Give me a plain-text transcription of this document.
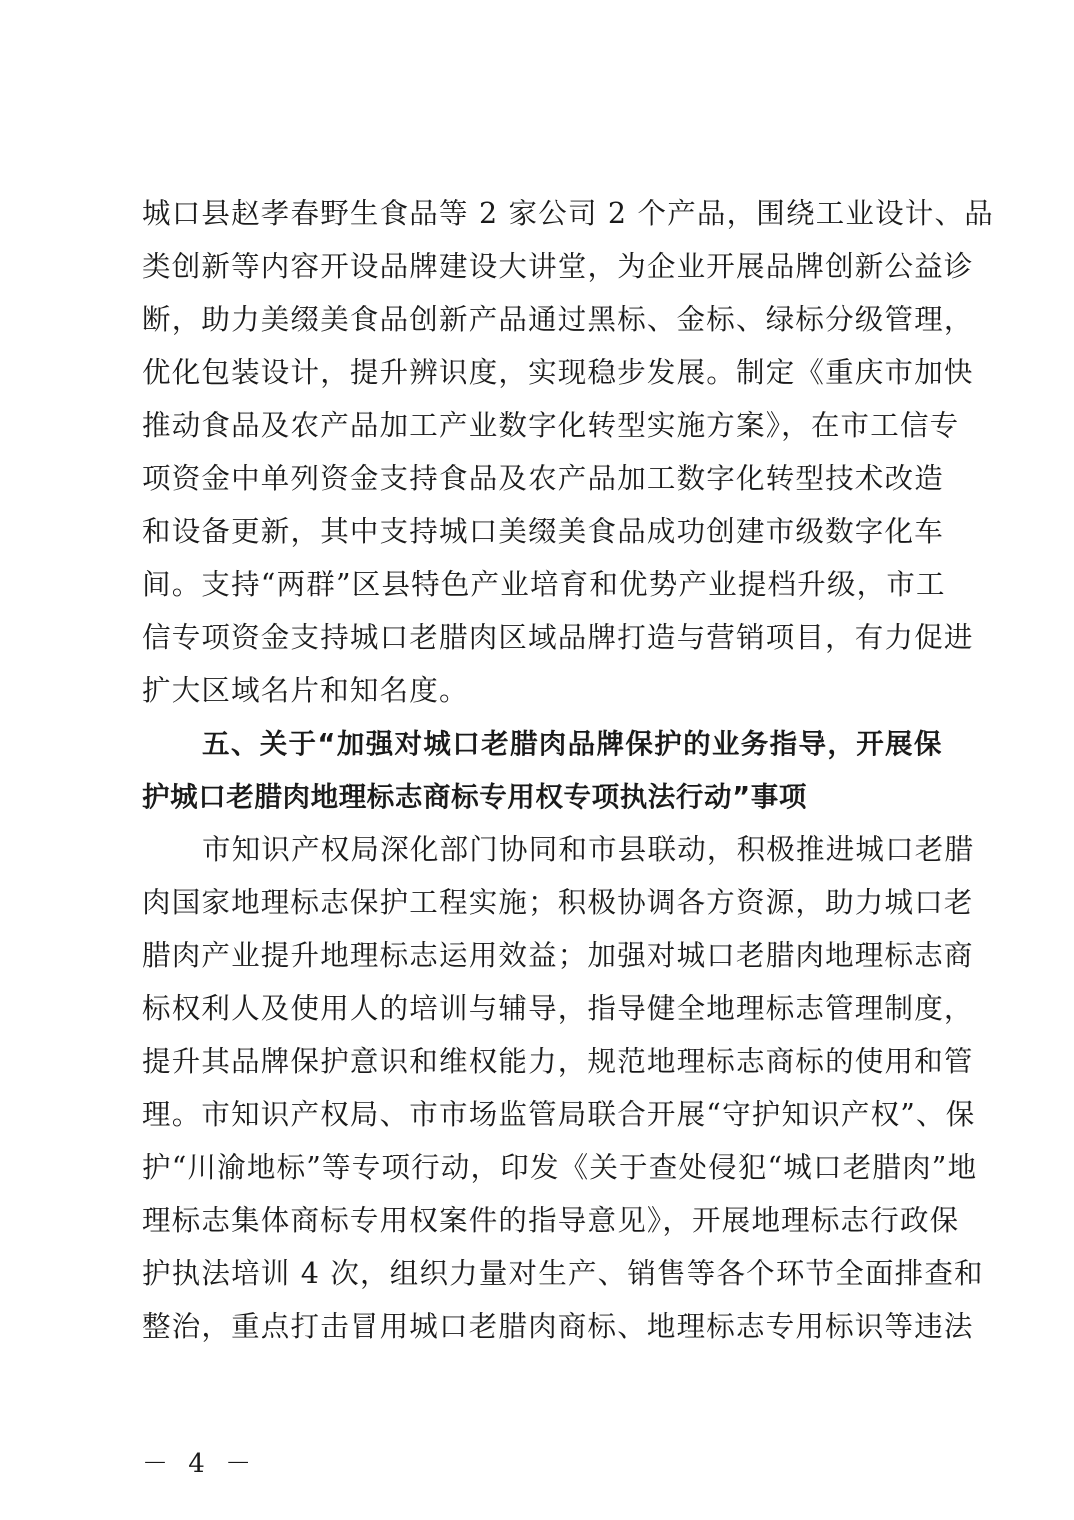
城口县赵孝春野生食品等 2 家公司 2 个产品，围绕工业设计、品
类创新等内容开设品牌建设大讲堂，为企业开展品牌创新公益诊
断，助力美缀美食品创新产品通过黑标、金标、绿标分级管理，
优化包装设计，提升辨识度，实现稳步发展。制定《重庆市加快
推动食品及农产品加工产业数字化转型实施方案》，在市工信专
项资金中单列资金支持食品及农产品加工数字化转型技术改造
和设备更新，其中支持城口美缀美食品成功创建市级数字化车
间。支持“两群”区县特色产业培育和优势产业提档升级，市工
信专项资金支持城口老腊肉区域品牌打造与营销项目，有力促进
扩大区域名片和知名度。
五、关于“加强对城口老腊肉品牌保护的业务指导，开展保
护城口老腊肉地理标志商标专用权专项执法行动”事项
市知识产权局深化部门协同和市县联动，积极推进城口老腊
肉国家地理标志保护工程实施；积极协调各方资源，助力城口老
腊肉产业提升地理标志运用效益；加强对城口老腊肉地理标志商
标权利人及使用人的培训与辅导，指导健全地理标志管理制度，
提升其品牌保护意识和维权能力，规范地理标志商标的使用和管
理。市知识产权局、市市场监管局联合开展“守护知识产权”、保
护“川渝地标”等专项行动，印发《关于查处侵犯“城口老腊肉”地
理标志集体商标专用权案件的指导意见》，开展地理标志行政保
护执法培训 4 次，组织力量对生产、销售等各个环节全面排查和
整治，重点打击冒用城口老腊肉商标、地理标志专用标识等违法
－ 4 －
